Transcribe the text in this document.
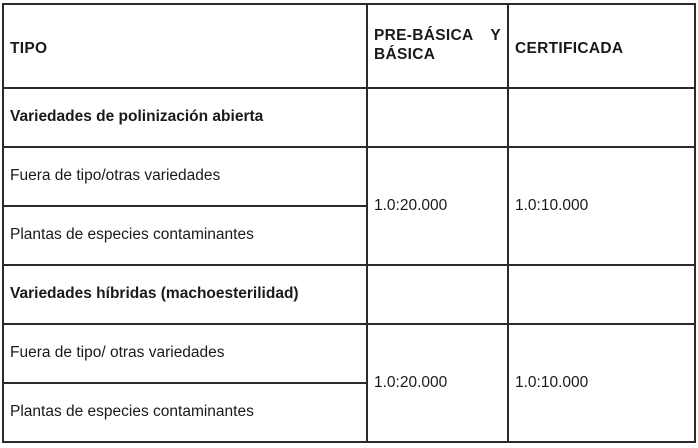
TIPO	PRE-BÁSICA Y BÁSICA	CERTIFICADA
Variedades de polinización abierta		
Fuera de tipo/otras variedades	1.0:20.000	1.0:10.000
Plantas de especies contaminantes		
Variedades híbridas (machoesterilidad)		
Fuera de tipo/ otras variedades	1.0:20.000	1.0:10.000
Plantas de especies contaminantes		
